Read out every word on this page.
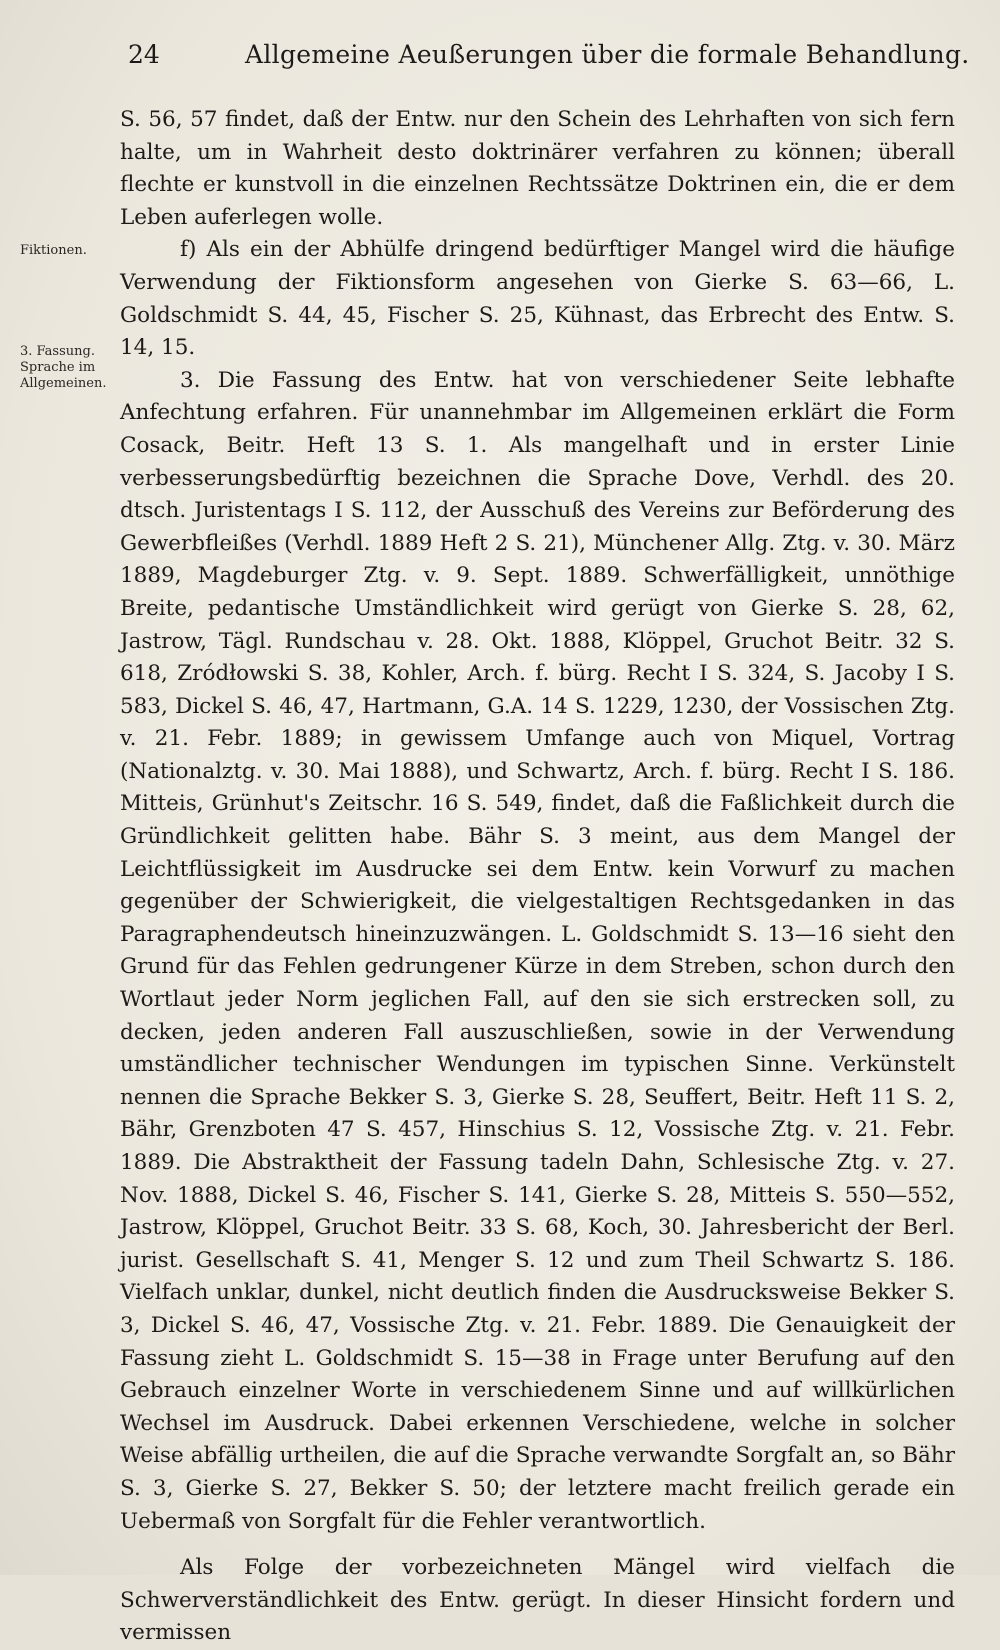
24	Allgemeine Aeußerungen über die formale Behandlung.
Fiktionen.
3. Fassung. Sprache im Allgemeinen.

S. 56, 57 findet, daß der Entw. nur den Schein des Lehrhaften von sich fern halte, um in Wahrheit desto doktrinärer verfahren zu können; überall flechte er kunstvoll in die einzelnen Rechtssätze Doktrinen ein, die er dem Leben auferlegen wolle.

f) Als ein der Abhülfe dringend bedürftiger Mangel wird die häufige Verwendung der Fiktionsform angesehen von Gierke S. 63—66, L. Goldschmidt S. 44, 45, Fischer S. 25, Kühnast, das Erbrecht des Entw. S. 14, 15.

3. Die Fassung des Entw. hat von verschiedener Seite lebhafte Anfechtung erfahren. Für unannehmbar im Allgemeinen erklärt die Form Cosack, Beitr. Heft 13 S. 1. Als mangelhaft und in erster Linie verbesserungsbedürftig bezeichnen die Sprache Dove, Verhdl. des 20. dtsch. Juristentags I S. 112, der Ausschuß des Vereins zur Beförderung des Gewerbfleißes (Verhdl. 1889 Heft 2 S. 21), Münchener Allg. Ztg. v. 30. März 1889, Magdeburger Ztg. v. 9. Sept. 1889. Schwerfälligkeit, unnöthige Breite, pedantische Umständlichkeit wird gerügt von Gierke S. 28, 62, Jastrow, Tägl. Rundschau v. 28. Okt. 1888, Klöppel, Gruchot Beitr. 32 S. 618, Zródłowski S. 38, Kohler, Arch. f. bürg. Recht I S. 324, S. Jacoby I S. 583, Dickel S. 46, 47, Hartmann, G.A. 14 S. 1229, 1230, der Vossischen Ztg. v. 21. Febr. 1889; in gewissem Umfange auch von Miquel, Vortrag (Nationalztg. v. 30. Mai 1888), und Schwartz, Arch. f. bürg. Recht I S. 186. Mitteis, Grünhut's Zeitschr. 16 S. 549, findet, daß die Faßlichkeit durch die Gründlichkeit gelitten habe. Bähr S. 3 meint, aus dem Mangel der Leichtflüssigkeit im Ausdrucke sei dem Entw. kein Vorwurf zu machen gegenüber der Schwierigkeit, die vielgestaltigen Rechtsgedanken in das Paragraphendeutsch hineinzuzwängen. L. Goldschmidt S. 13—16 sieht den Grund für das Fehlen gedrungener Kürze in dem Streben, schon durch den Wortlaut jeder Norm jeglichen Fall, auf den sie sich erstrecken soll, zu decken, jeden anderen Fall auszuschließen, sowie in der Verwendung umständlicher technischer Wendungen im typischen Sinne. Verkünstelt nennen die Sprache Bekker S. 3, Gierke S. 28, Seuffert, Beitr. Heft 11 S. 2, Bähr, Grenzboten 47 S. 457, Hinschius S. 12, Vossische Ztg. v. 21. Febr. 1889. Die Abstraktheit der Fassung tadeln Dahn, Schlesische Ztg. v. 27. Nov. 1888, Dickel S. 46, Fischer S. 141, Gierke S. 28, Mitteis S. 550—552, Jastrow, Klöppel, Gruchot Beitr. 33 S. 68, Koch, 30. Jahresbericht der Berl. jurist. Gesellschaft S. 41, Menger S. 12 und zum Theil Schwartz S. 186. Vielfach unklar, dunkel, nicht deutlich finden die Ausdrucksweise Bekker S. 3, Dickel S. 46, 47, Vossische Ztg. v. 21. Febr. 1889. Die Genauigkeit der Fassung zieht L. Goldschmidt S. 15—38 in Frage unter Berufung auf den Gebrauch einzelner Worte in verschiedenem Sinne und auf willkürlichen Wechsel im Ausdruck. Dabei erkennen Verschiedene, welche in solcher Weise abfällig urtheilen, die auf die Sprache verwandte Sorgfalt an, so Bähr S. 3, Gierke S. 27, Bekker S. 50; der letztere macht freilich gerade ein Uebermaß von Sorgfalt für die Fehler verantwortlich.

Als Folge der vorbezeichneten Mängel wird vielfach die Schwerverständlichkeit des Entw. gerügt. In dieser Hinsicht fordern und vermissen
